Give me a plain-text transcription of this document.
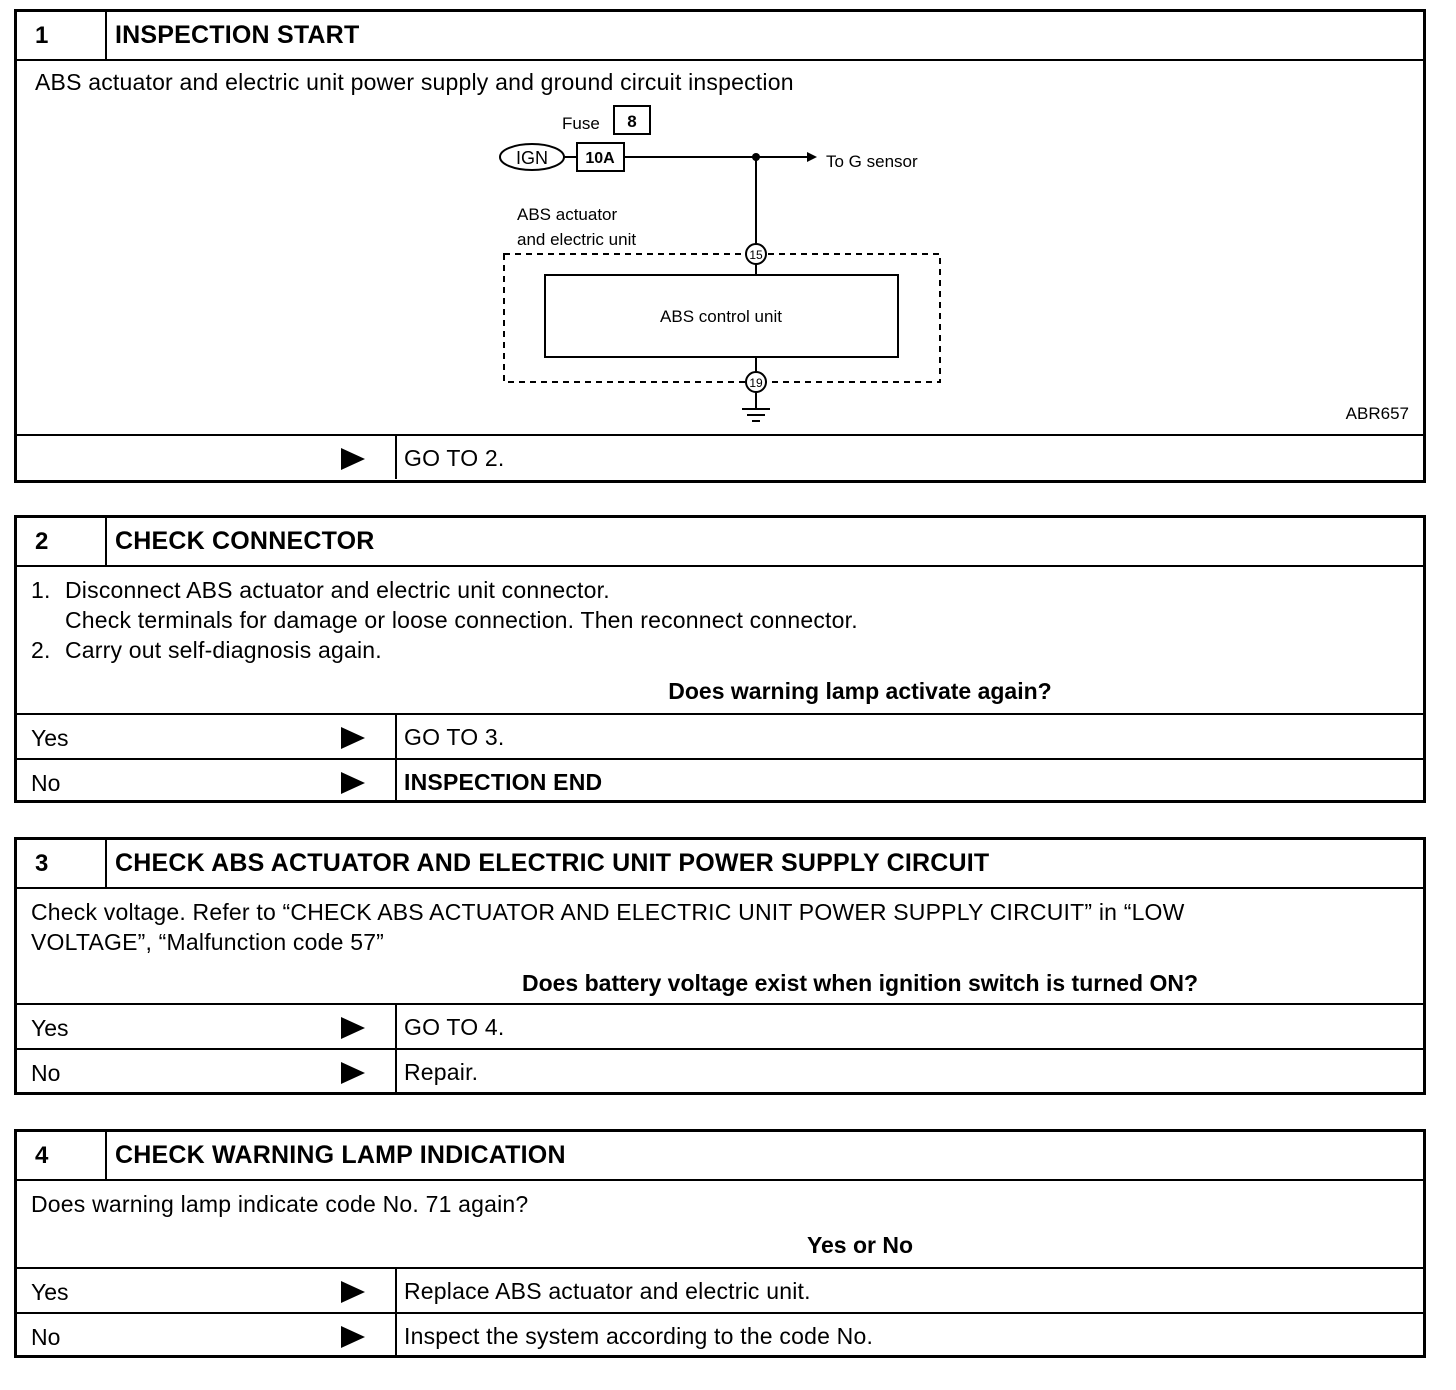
1	INSPECTION START
ABS actuator and electric unit power supply and ground circuit inspection
Fuse 8
IGN 10A	To G sensor
ABS actuator
and electric unit
15
ABS control unit
19
ABR657
GO TO 2.
2	CHECK CONNECTOR
1. Disconnect ABS actuator and electric unit connector.
Check terminals for damage or loose connection. Then reconnect connector.
2. Carry out self-diagnosis again.
Does warning lamp activate again?
Yes	GO TO 3.
No	INSPECTION END
3	CHECK ABS ACTUATOR AND ELECTRIC UNIT POWER SUPPLY CIRCUIT
Check voltage. Refer to “CHECK ABS ACTUATOR AND ELECTRIC UNIT POWER SUPPLY CIRCUIT” in “LOW
VOLTAGE”, “Malfunction code 57”
Does battery voltage exist when ignition switch is turned ON?
Yes	GO TO 4.
No	Repair.
4	CHECK WARNING LAMP INDICATION
Does warning lamp indicate code No. 71 again?
Yes or No
Yes	Replace ABS actuator and electric unit.
No	Inspect the system according to the code No.
